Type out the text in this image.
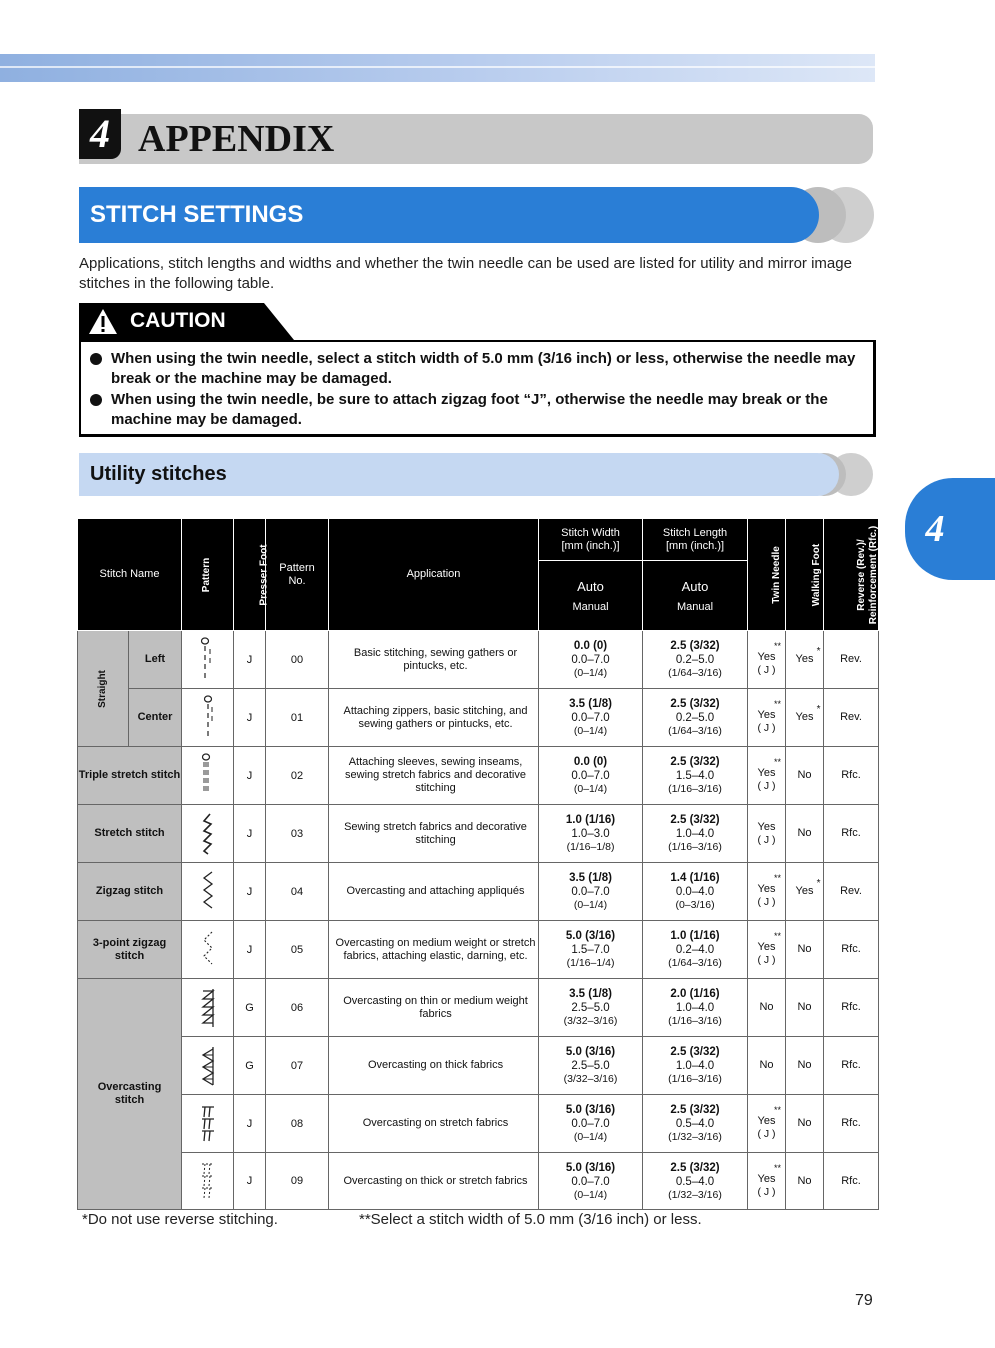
4 APPENDIX
STITCH SETTINGS

Applications, stitch lengths and widths and whether the twin needle can be used are listed for utility and mirror image stitches in the following table.

CAUTION
When using the twin needle, select a stitch width of 5.0 mm (3/16 inch) or less, otherwise the needle may break or the machine may be damaged.
When using the twin needle, be sure to attach zigzag foot “J”, otherwise the needle may break or the machine may be damaged.
Utility stitches
4
Stitch Name		Pattern	Presser Foot	Pattern No.	Application	Stitch Width [mm (inch.)]	Stitch Length [mm (inch.)]	Twin Needle	Walking Foot	Reverse (Rev.)/ Reinforcement (Rfc.) Stitching

						Auto
Manual	Auto
Manual			

Straight	Left		J	00	Basic stitching, sewing gathers or pintucks, etc.	0.0 (0)
0.0–7.0
(0–1/4)	2.5 (3/32)
0.2–5.0
(1/64–3/16)	**
Yes
( J )	Yes
*	Rev.
	Center		J	01	Attaching zippers, basic stitching, and sewing gathers or pintucks, etc.	3.5 (1/8)
0.0–7.0
(0–1/4)	2.5 (3/32)
0.2–5.0
(1/64–3/16)	**
Yes
( J )	Yes
*	Rev.
Triple stretch stitch			J	02	Attaching sleeves, sewing inseams, sewing stretch fabrics and decorative stitching	0.0 (0)
0.0–7.0
(0–1/4)	2.5 (3/32)
1.5–4.0
(1/16–3/16)	**
Yes
( J )	No	Rfc.
Stretch stitch			J	03	Sewing stretch fabrics and decorative stitching	1.0 (1/16)
1.0–3.0
(1/16–1/8)	2.5 (3/32)
1.0–4.0
(1/16–3/16)	Yes
( J )	No	Rfc.
Zigzag stitch			J	04	Overcasting and attaching appliqués	3.5 (1/8)
0.0–7.0
(0–1/4)	1.4 (1/16)
0.0–4.0
(0–3/16)	**
Yes
( J )	Yes
*	Rev.
3-point zigzag stitch			J	05	Overcasting on medium weight or stretch fabrics, attaching elastic, darning, etc.	5.0 (3/16)
1.5–7.0
(1/16–1/4)	1.0 (1/16)
0.2–4.0
(1/64–3/16)	**
Yes
( J )	No	Rfc.

Overcasting stitch			G	06	Overcasting on thin or medium weight fabrics	3.5 (1/8)
2.5–5.0
(3/32–3/16)	2.0 (1/16)
1.0–4.0
(1/16–3/16)	No	No	Rfc.

	G	07	Overcasting on thick fabrics	5.0 (3/16)
2.5–5.0
(3/32–3/16)	2.5 (3/32)
1.0–4.0
(1/16–3/16)	No	No	Rfc.

	J	08	Overcasting on stretch fabrics	5.0 (3/16)
0.0–7.0
(0–1/4)	2.5 (3/32)
0.5–4.0
(1/32–3/16)	**
Yes
( J )	No	Rfc.

	J	09	Overcasting on thick or stretch fabrics	5.0 (3/16)
0.0–7.0
(0–1/4)	2.5 (3/32)
0.5–4.0
(1/32–3/16)	**
Yes
( J )	No	Rfc.
*Do not use reverse stitching.	**Select a stitch width of 5.0 mm (3/16 inch) or less.
79
